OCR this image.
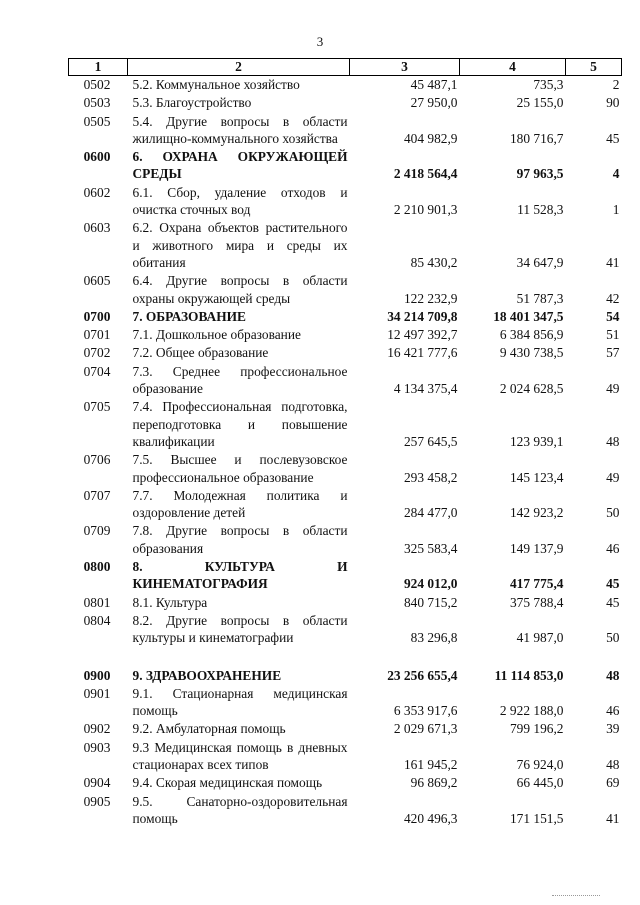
3
1	2	3	4	5
0502	5.2. Коммунальное хозяйство	45 487,1	735,3	2
0503	5.3. Благоустройство	27 950,0	25 155,0	90
0505	5.4. Другие вопросы в области жилищно-коммунального хозяйства	404 982,9	180 716,7	45
0600	6. ОХРАНА ОКРУЖАЮЩЕЙ СРЕДЫ	2 418 564,4	97 963,5	4
0602	6.1. Сбор, удаление отходов и очистка сточных вод	2 210 901,3	11 528,3	1
0603	6.2. Охрана объектов растительного и животного мира и среды их обитания	85 430,2	34 647,9	41
0605	6.4. Другие вопросы в области охраны окружающей среды	122 232,9	51 787,3	42
0700	7. ОБРАЗОВАНИЕ	34 214 709,8	18 401 347,5	54
0701	7.1. Дошкольное образование	12 497 392,7	6 384 856,9	51
0702	7.2. Общее образование	16 421 777,6	9 430 738,5	57
0704	7.3. Среднее профессиональное образование	4 134 375,4	2 024 628,5	49
0705	7.4. Профессиональная подготовка, переподготовка и повышение квалификации	257 645,5	123 939,1	48
0706	7.5. Высшее и послевузовское профессиональное образование	293 458,2	145 123,4	49
0707	7.7. Молодежная политика и оздоровление детей	284 477,0	142 923,2	50
0709	7.8. Другие вопросы в области образования	325 583,4	149 137,9	46
0800	8. КУЛЬТУРА И КИНЕМАТОГРАФИЯ	924 012,0	417 775,4	45
0801	8.1. Культура	840 715,2	375 788,4	45
0804	8.2. Другие вопросы в области культуры и кинематографии	83 296,8	41 987,0	50

0900	9. ЗДРАВООХРАНЕНИЕ	23 256 655,4	11 114 853,0	48
0901	9.1. Стационарная медицинская помощь	6 353 917,6	2 922 188,0	46
0902	9.2. Амбулаторная помощь	2 029 671,3	799 196,2	39
0903	9.3 Медицинская помощь в дневных стационарах всех типов	161 945,2	76 924,0	48
0904	9.4. Скорая медицинская помощь	96 869,2	66 445,0	69
0905	9.5. Санаторно-оздоровительная помощь	420 496,3	171 151,5	41
